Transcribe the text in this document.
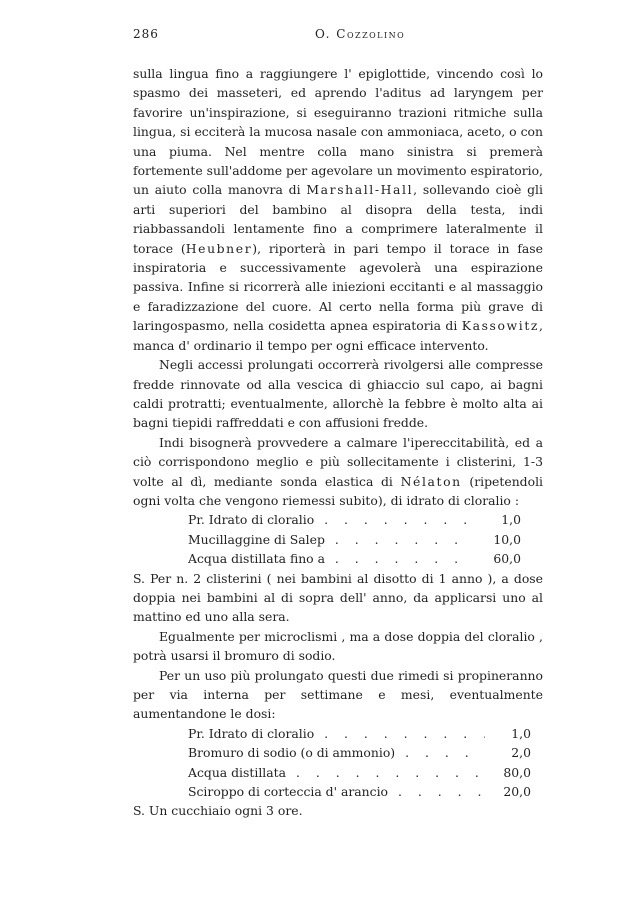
286	O. Cozzolino

sulla lingua fino a raggiungere l' epiglottide, vincendo così lo spasmo dei masseteri, ed aprendo l'aditus ad laryngem per favorire un'inspirazione, si eseguiranno trazioni ritmiche sulla lingua, si ecciterà la mucosa nasale con ammoniaca, aceto, o con una piuma. Nel mentre colla mano sinistra si premerà fortemente sull'addome per agevolare un movimento espiratorio, un aiuto colla manovra di Marshall-Hall, sollevando cioè gli arti superiori del bambino al disopra della testa, indi riabbassandoli lentamente fino a comprimere lateralmente il torace (Heubner), riporterà in pari tempo il torace in fase inspiratoria e successivamente agevolerà una espirazione passiva. Infine si ricorrerà alle iniezioni eccitanti e al massaggio e faradizzazione del cuore. Al certo nella forma più grave di laringospasmo, nella cosidetta apnea espiratoria di Kassowitz, manca d' ordinario il tempo per ogni efficace intervento.

Negli accessi prolungati occorrerà rivolgersi alle compresse fredde rinnovate od alla vescica di ghiaccio sul capo, ai bagni caldi protratti; eventualmente, allorchè la febbre è molto alta ai bagni tiepidi raffreddati e con affusioni fredde.

Indi bisognerà provvedere a calmare l'ipereccitabilità, ed a ciò corrispondono meglio e più sollecitamente i clisterini, 1-3 volte al dì, mediante sonda elastica di Nélaton (ripetendoli ogni volta che vengono riemessi subito), di idrato di cloralio :

Pr. Idrato di cloralio . . .	1,0
Mucillaggine di Salep . . .	10,0
Acqua distillata fino a . . .	60,0

S. Per n. 2 clisterini ( nei bambini al disotto di 1 anno ), a dose doppia nei bambini al di sopra dell' anno, da applicarsi uno al mattino ed uno alla sera.

Egualmente per microclismi , ma a dose doppia del cloralio , potrà usarsi il bromuro di sodio.

Per un uso più prolungato questi due rimedi si propineranno per via interna per settimane e mesi, eventualmente aumentandone le dosi:

Pr. Idrato di cloralio . . .	1,0
Bromuro di sodio (o di ammonio) . . .	2,0
Acqua distillata . . .	80,0
Sciroppo di corteccia d' arancio . . .	20,0

S. Un cucchiaio ogni 3 ore.
